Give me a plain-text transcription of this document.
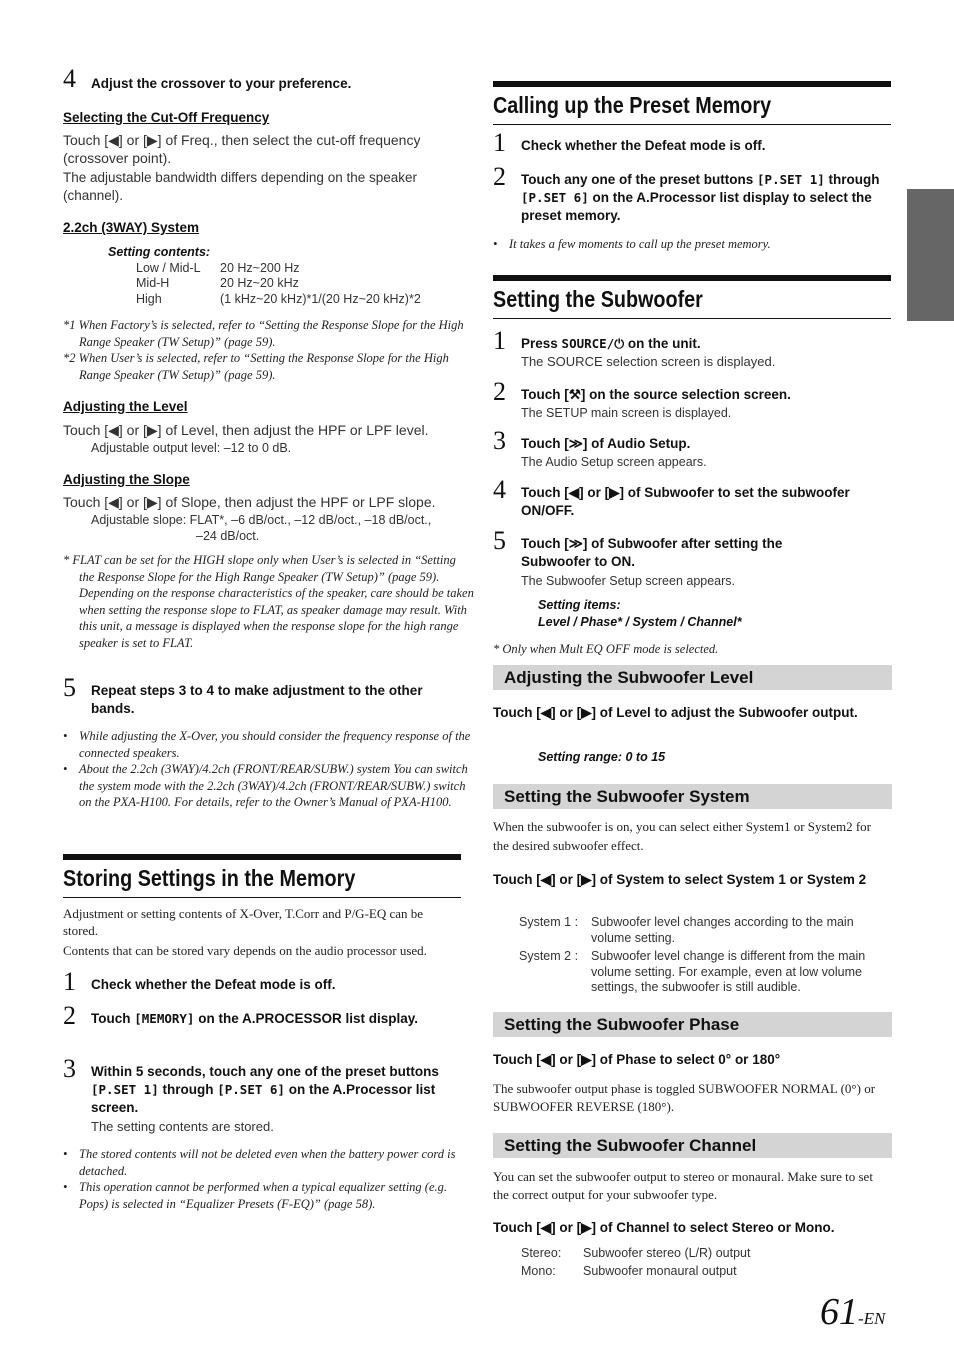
4 Adjust the crossover to your preference.
Selecting the Cut-Off Frequency
Touch [◀] or [▶] of Freq., then select the cut-off frequency (crossover point).
The adjustable bandwidth differs depending on the speaker (channel).
2.2ch (3WAY) System
Setting contents:
Low / Mid-L 20 Hz~200 Hz
Mid-H	20 Hz~20 kHz
High	(1 kHz~20 kHz)*1/(20 Hz~20 kHz)*2
*1 When Factory’s is selected, refer to “Setting the Response Slope for the High Range Speaker (TW Setup)” (page 59).
*2 When User’s is selected, refer to “Setting the Response Slope for the High Range Speaker (TW Setup)” (page 59).
Adjusting the Level
Touch [◀] or [▶] of Level, then adjust the HPF or LPF level.
Adjustable output level: –12 to 0 dB.
Adjusting the Slope
Touch [◀] or [▶] of Slope, then adjust the HPF or LPF slope.
Adjustable slope: FLAT*, –6 dB/oct., –12 dB/oct., –18 dB/oct.,
–24 dB/oct.
* FLAT can be set for the HIGH slope only when User’s is selected in “Setting the Response Slope for the High Range Speaker (TW Setup)” (page 59). Depending on the response characteristics of the speaker, care should be taken when setting the response slope to FLAT, as speaker damage may result. With this unit, a message is displayed when the response slope for the high range speaker is set to FLAT.
5 Repeat steps 3 to 4 to make adjustment to the other bands.
• While adjusting the X-Over, you should consider the frequency response of the connected speakers.
• About the 2.2ch (3WAY)/4.2ch (FRONT/REAR/SUBW.) system You can switch the system mode with the 2.2ch (3WAY)/4.2ch (FRONT/REAR/SUBW.) switch on the PXA-H100. For details, refer to the Owner’s Manual of PXA-H100.
Storing Settings in the Memory
Adjustment or setting contents of X-Over, T.Corr and P/G-EQ can be stored.
Contents that can be stored vary depends on the audio processor used.
1 Check whether the Defeat mode is off.
2 Touch [MEMORY] on the A.PROCESSOR list display.
3 Within 5 seconds, touch any one of the preset buttons [P.SET 1] through [P.SET 6] on the A.Processor list screen.
The setting contents are stored.
• The stored contents will not be deleted even when the battery power cord is detached.
• This operation cannot be performed when a typical equalizer setting (e.g. Pops) is selected in “Equalizer Presets (F-EQ)” (page 58).
Calling up the Preset Memory
1 Check whether the Defeat mode is off.
2 Touch any one of the preset buttons [P.SET 1] through [P.SET 6] on the A.Processor list display to select the preset memory.
• It takes a few moments to call up the preset memory.
Setting the Subwoofer
1 Press SOURCE/⏻ on the unit.
The SOURCE selection screen is displayed.
2 Touch [⚒] on the source selection screen.
The SETUP main screen is displayed.
3 Touch [≫] of Audio Setup.
The Audio Setup screen appears.
4 Touch [◀] or [▶] of Subwoofer to set the subwoofer ON/OFF.
5 Touch [≫] of Subwoofer after setting the Subwoofer to ON.
The Subwoofer Setup screen appears.
Setting items:
Level / Phase* / System / Channel*
* Only when Mult EQ OFF mode is selected.
Adjusting the Subwoofer Level
Touch [◀] or [▶] of Level to adjust the Subwoofer output.
Setting range: 0 to 15
Setting the Subwoofer System
When the subwoofer is on, you can select either System1 or System2 for the desired subwoofer effect.
Touch [◀] or [▶] of System to select System 1 or System 2
System 1 : Subwoofer level changes according to the main volume setting.
System 2 : Subwoofer level change is different from the main volume setting. For example, even at low volume settings, the subwoofer is still audible.
Setting the Subwoofer Phase
Touch [◀] or [▶] of Phase to select 0° or 180°
The subwoofer output phase is toggled SUBWOOFER NORMAL (0°) or SUBWOOFER REVERSE (180°).
Setting the Subwoofer Channel
You can set the subwoofer output to stereo or monaural. Make sure to set the correct output for your subwoofer type.
Touch [◀] or [▶] of Channel to select Stereo or Mono.
Stereo: Subwoofer stereo (L/R) output
Mono: Subwoofer monaural output
61-EN
